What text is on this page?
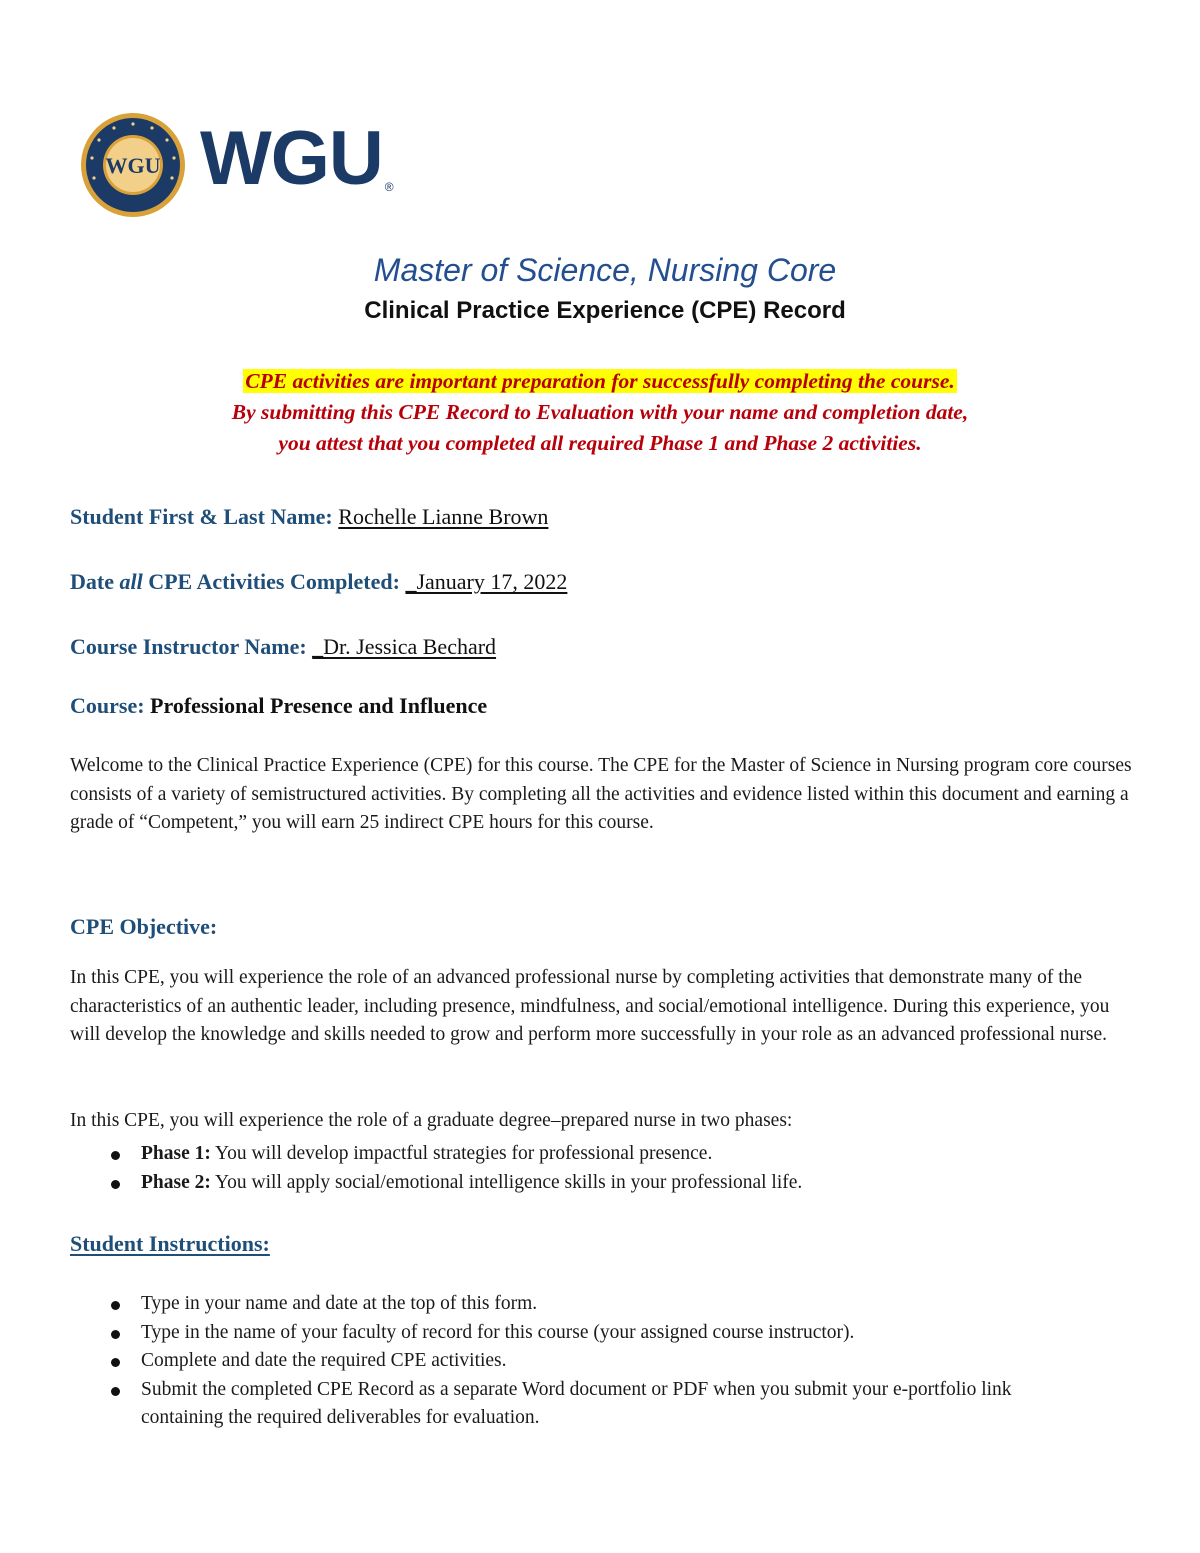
WGU WGU ®
Master of Science, Nursing Core
Clinical Practice Experience (CPE) Record
CPE activities are important preparation for successfully completing the course.
By submitting this CPE Record to Evaluation with your name and completion date,
you attest that you completed all required Phase 1 and Phase 2 activities.
Student First & Last Name: Rochelle Lianne Brown
Date all CPE Activities Completed: _January 17, 2022
Course Instructor Name: _Dr. Jessica Bechard
Course: Professional Presence and Influence
Welcome to the Clinical Practice Experience (CPE) for this course. The CPE for the Master of Science in Nursing program core courses consists of a variety of semistructured activities. By completing all the activities and evidence listed within this document and earning a grade of “Competent,” you will earn 25 indirect CPE hours for this course.
CPE Objective:
In this CPE, you will experience the role of an advanced professional nurse by completing activities that demonstrate many of the characteristics of an authentic leader, including presence, mindfulness, and social/emotional intelligence. During this experience, you will develop the knowledge and skills needed to grow and perform more successfully in your role as an advanced professional nurse.
In this CPE, you will experience the role of a graduate degree–prepared nurse in two phases:
Phase 1: You will develop impactful strategies for professional presence.
Phase 2: You will apply social/emotional intelligence skills in your professional life.
Student Instructions:
Type in your name and date at the top of this form.
Type in the name of your faculty of record for this course (your assigned course instructor).
Complete and date the required CPE activities.
Submit the completed CPE Record as a separate Word document or PDF when you submit your e-portfolio link containing the required deliverables for evaluation.
